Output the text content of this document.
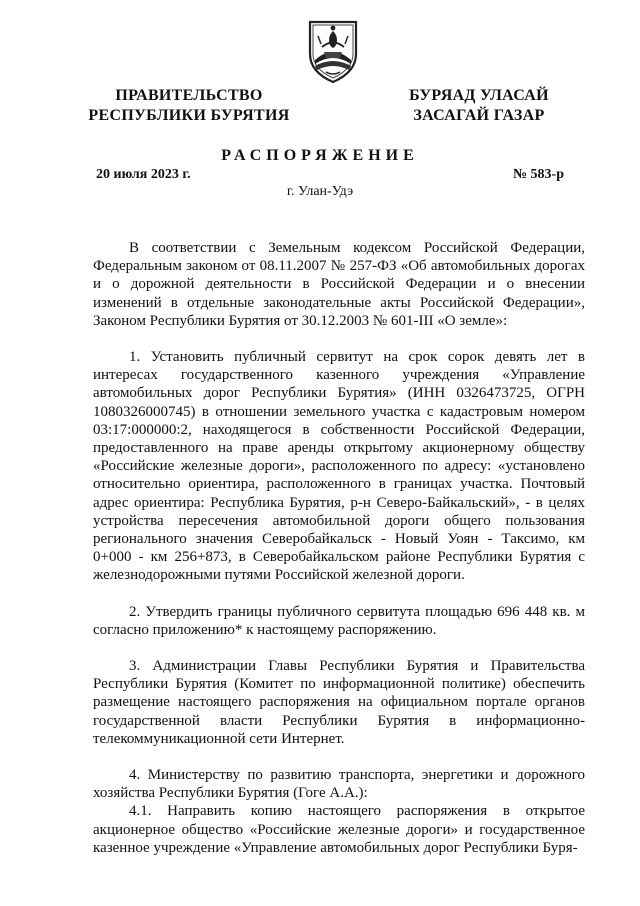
ПРАВИТЕЛЬСТВО
РЕСПУБЛИКИ БУРЯТИЯ
БУРЯАД УЛАСАЙ
ЗАСАГАЙ ГАЗАР
РАСПОРЯЖЕНИЕ
20 июля 2023 г.	№ 583-р
г. Улан-Удэ

В соответствии с Земельным кодексом Российской Федерации, Федеральным законом от 08.11.2007 № 257-ФЗ «Об автомобильных дорогах и о дорожной деятельности в Российской Федерации и о внесении изменений в отдельные законодательные акты Российской Федерации», Законом Республики Бурятия от 30.12.2003 № 601-III «О земле»:

1. Установить публичный сервитут на срок сорок девять лет в интересах государственного казенного учреждения «Управление автомобильных дорог Республики Бурятия» (ИНН 0326473725, ОГРН 1080326000745) в отношении земельного участка с кадастровым номером 03:17:000000:2, находящегося в собственности Российской Федерации, предоставленного на праве аренды открытому акционерному обществу «Российские железные дороги», расположенного по адресу: «установлено относительно ориентира, расположенного в границах участка. Почтовый адрес ориентира: Республика Бурятия, р-н Северо-Байкальский», - в целях устройства пересечения автомобильной дороги общего пользования регионального значения Северобайкальск - Новый Уоян - Таксимо, км 0+000 - км 256+873, в Северобайкальском районе Республики Бурятия с железнодорожными путями Российской железной дороги.

2. Утвердить границы публичного сервитута площадью 696 448 кв. м согласно приложению* к настоящему распоряжению.

3. Администрации Главы Республики Бурятия и Правительства Республики Бурятия (Комитет по информационной политике) обеспечить размещение настоящего распоряжения на официальном портале органов государственной власти Республики Бурятия в информационно-телекоммуникационной сети Интернет.

4. Министерству по развитию транспорта, энергетики и дорожного хозяйства Республики Бурятия (Гоге А.А.):

4.1. Направить копию настоящего распоряжения в открытое акционерное общество «Российские железные дороги» и государственное казенное учреждение «Управление автомобильных дорог Республики Буря-
